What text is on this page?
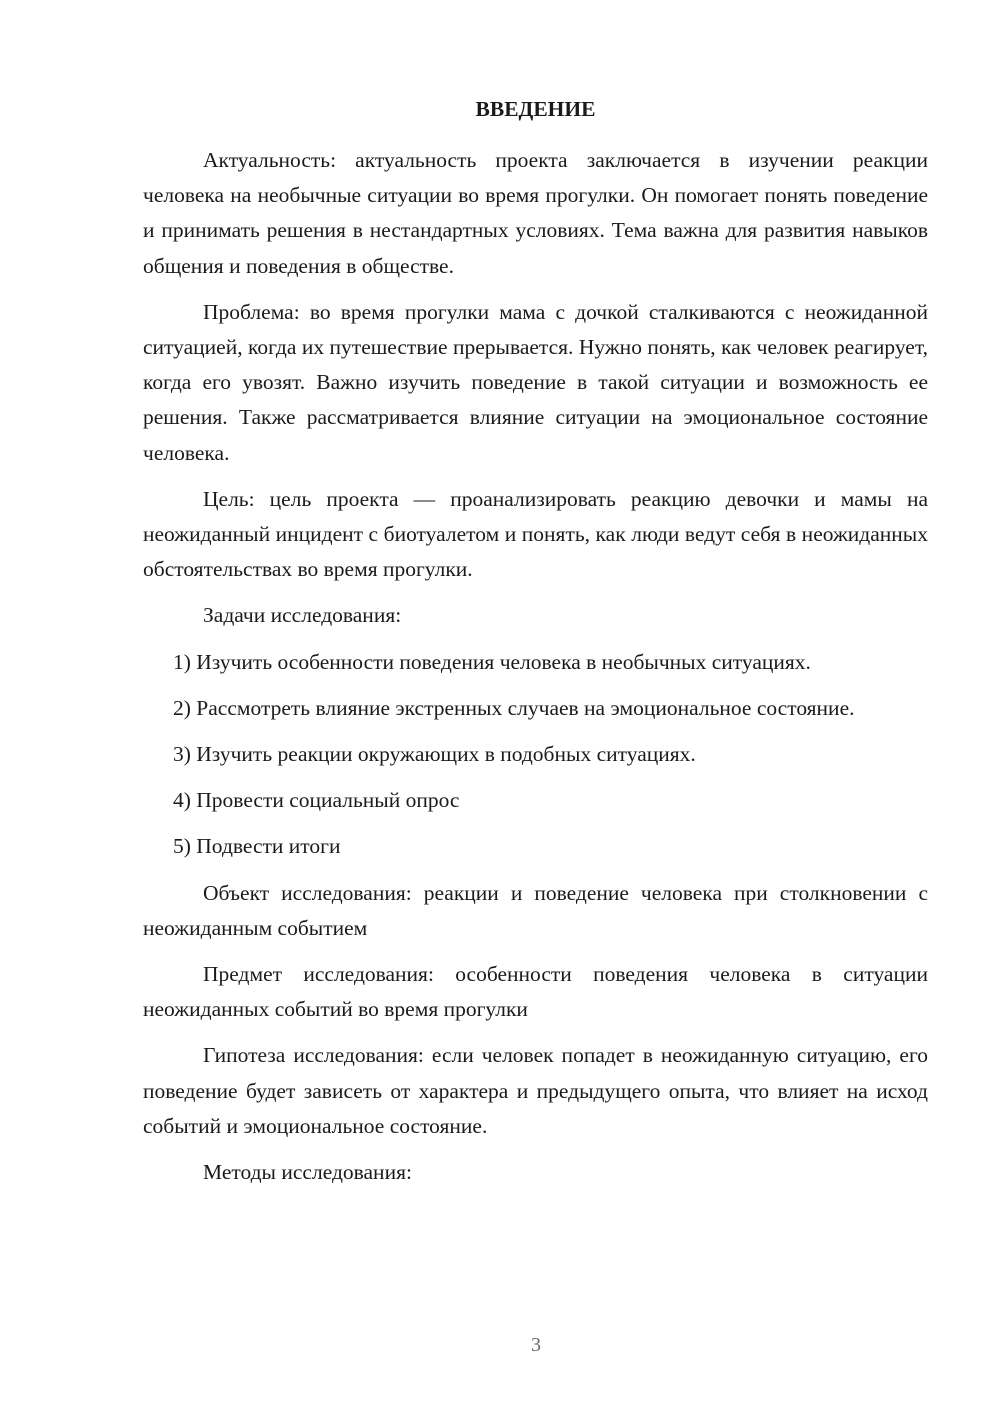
ВВЕДЕНИЕ

Актуальность: актуальность проекта заключается в изучении реакции человека на необычные ситуации во время прогулки. Он помогает понять поведение и принимать решения в нестандартных условиях. Тема важна для развития навыков общения и поведения в обществе.

Проблема: во время прогулки мама с дочкой сталкиваются с неожиданной ситуацией, когда их путешествие прерывается. Нужно понять, как человек реагирует, когда его увозят. Важно изучить поведение в такой ситуации и возможность ее решения. Также рассматривается влияние ситуации на эмоциональное состояние человека.

Цель: цель проекта — проанализировать реакцию девочки и мамы на неожиданный инцидент с биотуалетом и понять, как люди ведут себя в неожиданных обстоятельствах во время прогулки.

Задачи исследования:

1) Изучить особенности поведения человека в необычных ситуациях.

2) Рассмотреть влияние экстренных случаев на эмоциональное состояние.

3) Изучить реакции окружающих в подобных ситуациях.

4) Провести социальный опрос

5) Подвести итоги

Объект исследования: реакции и поведение человека при столкновении с неожиданным событием

Предмет исследования: особенности поведения человека в ситуации неожиданных событий во время прогулки

Гипотеза исследования: если человек попадет в неожиданную ситуацию, его поведение будет зависеть от характера и предыдущего опыта, что влияет на исход событий и эмоциональное состояние.

Методы исследования:

3
